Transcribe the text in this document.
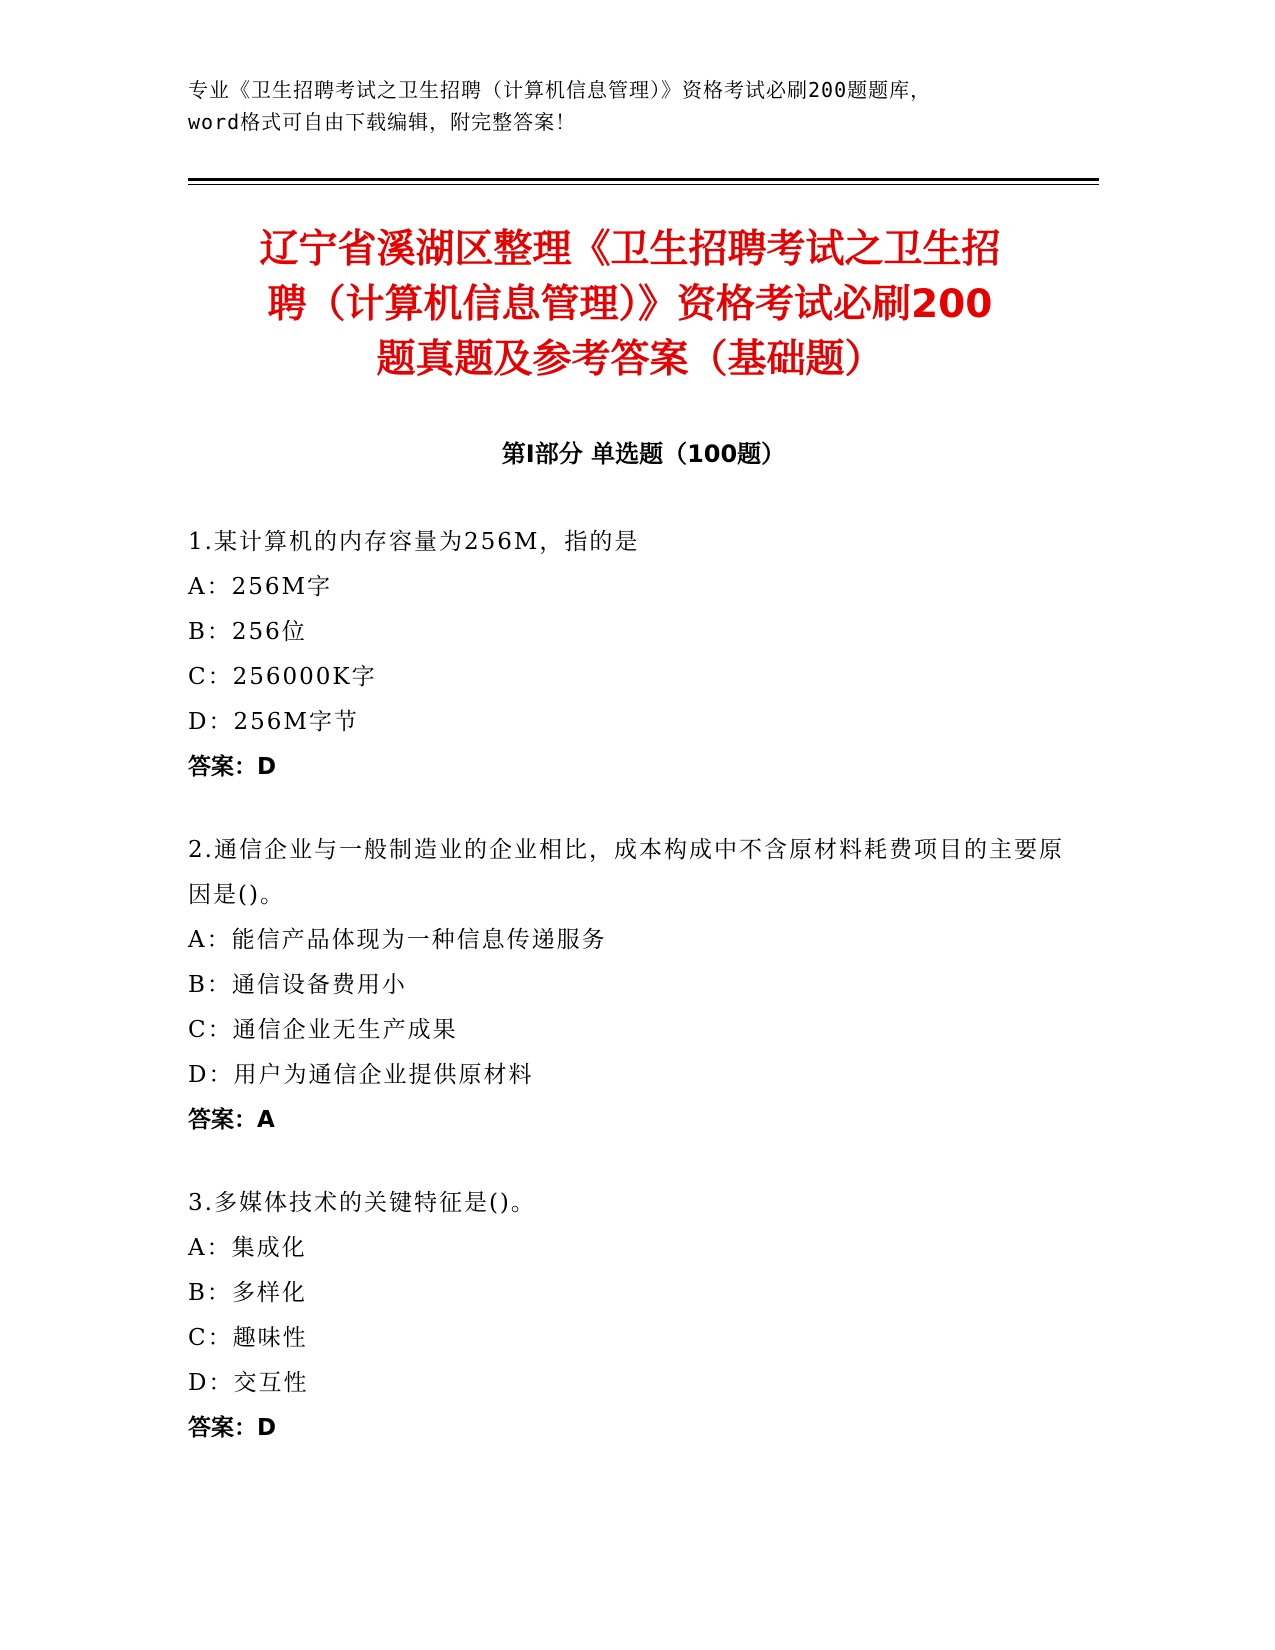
专业《卫生招聘考试之卫生招聘（计算机信息管理）》资格考试必刷200题题库，
word格式可自由下载编辑，附完整答案！
辽宁省溪湖区整理《卫生招聘考试之卫生招
聘（计算机信息管理）》资格考试必刷200
题真题及参考答案（基础题）
第Ⅰ部分 单选题（100题）

1.某计算机的内存容量为256M，指的是

A：256M字

B：256位

C：256000K字

D：256M字节

答案：D

2.通信企业与一般制造业的企业相比，成本构成中不含原材料耗费项目的主要原因是()。

A：能信产品体现为一种信息传递服务

B：通信设备费用小

C：通信企业无生产成果

D：用户为通信企业提供原材料

答案：A

3.多媒体技术的关键特征是()。

A：集成化

B：多样化

C：趣味性

D：交互性

答案：D
